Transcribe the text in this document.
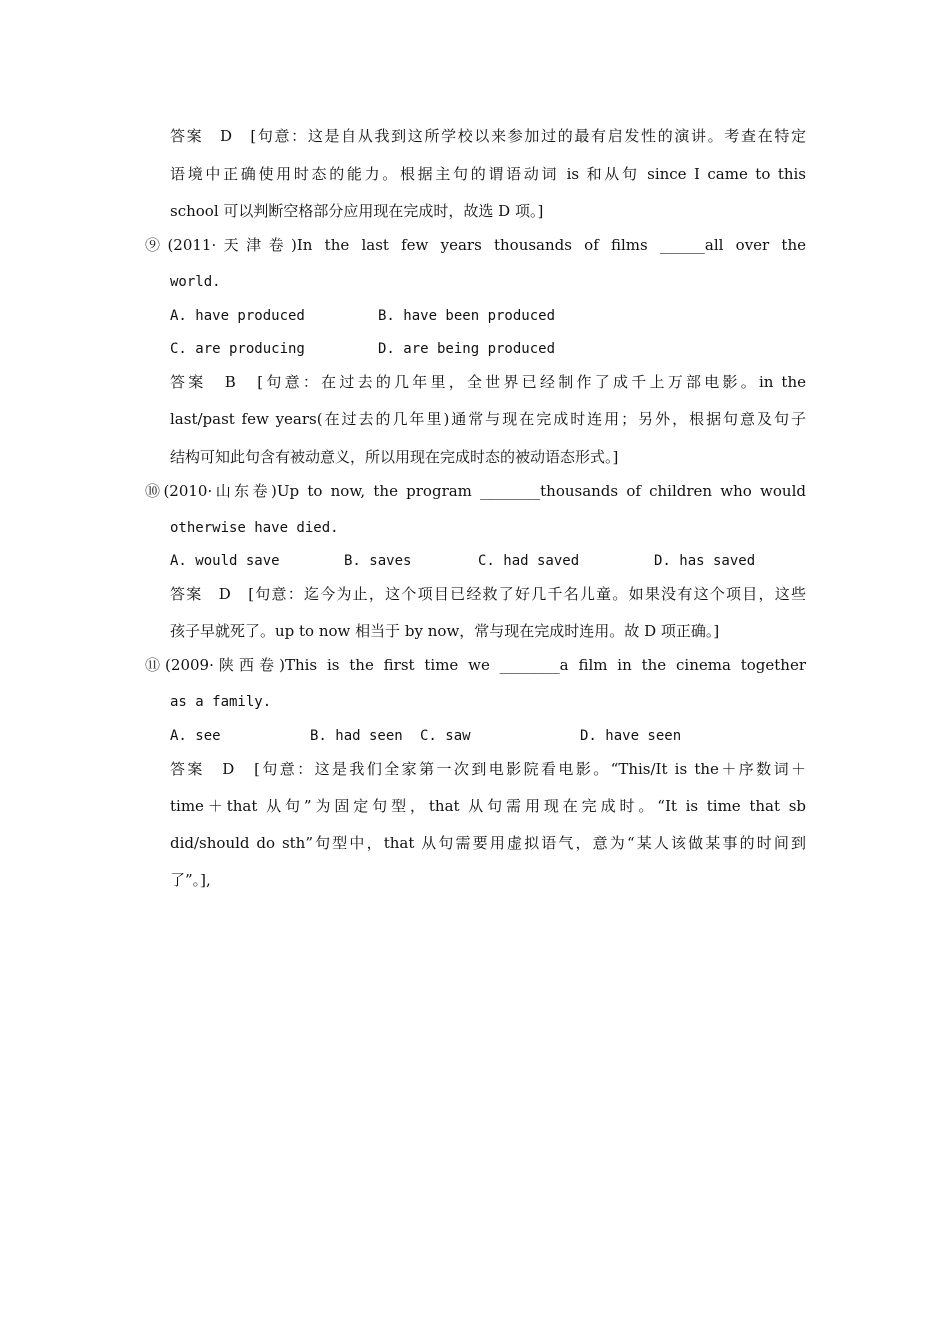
答案　D　[句意：这是自从我到这所学校以来参加过的最有启发性的演讲。考查在特定
语境中正确使用时态的能力。根据主句的谓语动词 is 和从句 since I came to this
school 可以判断空格部分应用现在完成时，故选 D 项。]
⑨(2011·天津卷)In the last few years thousands of films ______all over the
world.
A. have produced	B. have been produced
C. are producing	D. are being produced
答案　B　[句意：在过去的几年里，全世界已经制作了成千上万部电影。in the
last/past few years(在过去的几年里)通常与现在完成时连用；另外，根据句意及句子
结构可知此句含有被动意义，所以用现在完成时态的被动语态形式。]
⑩(2010·山东卷)Up to now, the program ________thousands of children who would
otherwise have died.
A. would save	B. saves	C. had saved	D. has saved
答案　D　[句意：迄今为止，这个项目已经救了好几千名儿童。如果没有这个项目，这些
孩子早就死了。up to now 相当于 by now，常与现在完成时连用。故 D 项正确。]
⑪(2009·陕西卷)This is the first time we ________a film in the cinema together
as a family.
A. see	B. had seen C. saw	D. have seen
答案　D　[句意：这是我们全家第一次到电影院看电影。“This/It is the＋序数词＋
time＋that 从句”为固定句型，that 从句需用现在完成时。“It is time that sb
did/should do sth”句型中，that 从句需要用虚拟语气，意为“某人该做某事的时间到
了”。],
